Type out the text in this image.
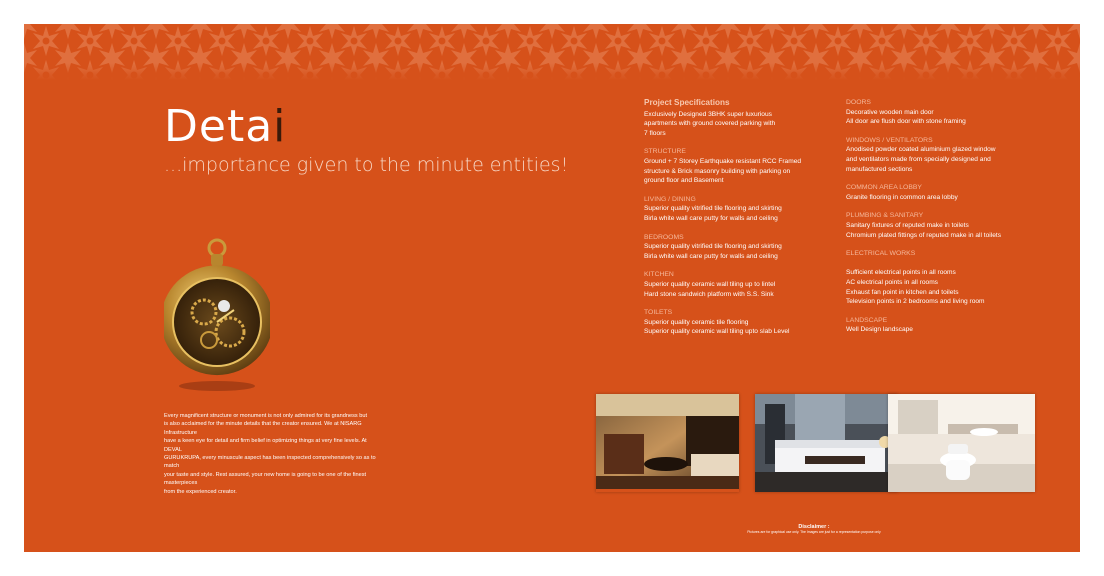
Detai
...importance given to the minute entities!
Every magnificent structure or monument is not only admired for its grandness but
is also acclaimed for the minute details that the creator ensured. We at NISARG Infrastructure
have a keen eye for detail and firm belief in optimizing things at very fine levels. At DEVAL
GURUKRUPA, every minuscule aspect has been inspected comprehensively so as to match
your taste and style. Rest assured, your new home is going to be one of the finest masterpieces
from the experienced creator.
Project Specifications
Exclusively Designed 3BHK super luxurious
apartments with ground covered parking with
7 floors
STRUCTURE
Ground + 7 Storey Earthquake resistant RCC Framed
structure & Brick masonry building with parking on
ground floor and Basement
LIVING / DINING
Superior quality vitrified tile flooring and skirting
Birla white wall care putty for walls and ceiling
BEDROOMS
Superior quality vitrified tile flooring and skirting
Birla white wall care putty for walls and ceiling
KITCHEN
Superior quality ceramic wall tiling up to lintel
Hard stone sandwich platform with S.S. Sink
TOILETS
Superior quality ceramic tile flooring
Superior quality ceramic wall tiling upto slab Level
DOORS
Decorative wooden main door
All door are flush door with stone framing
WINDOWS / VENTILATORS
Anodised powder coated aluminium glazed window
and ventilators made from specially designed and
manufactured sections
COMMON AREA LOBBY
Granite flooring in common area lobby
PLUMBING & SANITARY
Sanitary fixtures of reputed make in toilets
Chromium plated fittings of reputed make in all toilets
ELECTRICAL WORKS

Sufficient electrical points in all rooms
AC electrical points in all rooms
Exhaust fan point in kitchen and toilets
Television points in 2 bedrooms and living room
LANDSCAPE
Well Design landscape
Disclaimer :
Pictures are for graphical use only. The Images are just for a representation purpose only
